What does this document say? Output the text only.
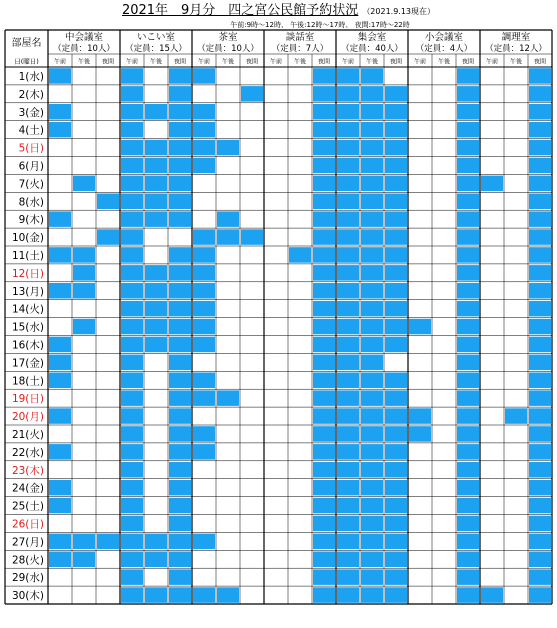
2021年　9月分　四之宮公民館予約状況 （2021.9.13現在）
午前:9時～12時、 午後:12時～17時、 夜間:17時～22時
部屋名
日(曜日)
中会議室
（定員：10人）
午前 午後 夜間
いこい室
（定員：15人）
午前 午後 夜間
茶室
（定員：10人）
午前 午後 夜間
談話室
（定員：7人）
午前 午後 夜間
集会室
（定員：40人）
午前 午後 夜間
小会議室
（定員：4人）
午前 午後 夜間
調理室
（定員：12人）
午前 午後 夜間
1(水)
2(木)
3(金)
4(土)
5(日)
6(月)
7(火)
8(水)
9(木)
10(金)
11(土)
12(日)
13(月)
14(火)
15(水)
16(木)
17(金)
18(土)
19(日)
20(月)
21(火)
22(水)
23(木)
24(金)
25(土)
26(日)
27(月)
28(火)
29(水)
30(木)
